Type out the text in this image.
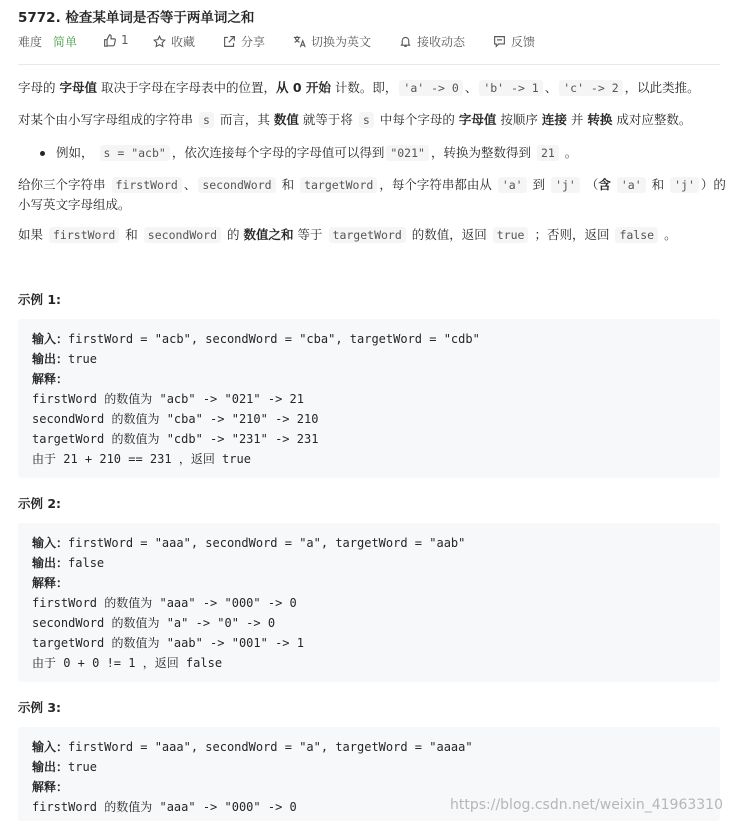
5772. 检查某单词是否等于两单词之和
难度 简单	1	收藏	分享	切换为英文	接收动态	反馈
字母的 字母值 取决于字母在字母表中的位置，从 0 开始 计数。即， 'a' -> 0 、 'b' -> 1 、 'c' -> 2 ，以此类推。
对某个由小写字母组成的字符串 s 而言，其 数值 就等于将 s 中每个字母的 字母值 按顺序 连接 并 转换 成对应整数。
例如， s = "acb" ，依次连接每个字母的字母值可以得到 "021" ，转换为整数得到 21 。
给你三个字符串 firstWord 、 secondWord 和 targetWord ，每个字符串都由从 'a' 到 'j' （含 'a' 和 'j' ）的
小写英文字母组成。
如果 firstWord 和 secondWord 的 数值之和 等于 targetWord 的数值，返回 true ；否则，返回 false 。
示例 1:
输入：firstWord = "acb", secondWord = "cba", targetWord = "cdb"
输出：true
解释：
firstWord 的数值为 "acb" -> "021" -> 21
secondWord 的数值为 "cba" -> "210" -> 210
targetWord 的数值为 "cdb" -> "231" -> 231
由于 21 + 210 == 231 ，返回 true
示例 2:
输入：firstWord = "aaa", secondWord = "a", targetWord = "aab"
输出：false
解释：
firstWord 的数值为 "aaa" -> "000" -> 0
secondWord 的数值为 "a" -> "0" -> 0
targetWord 的数值为 "aab" -> "001" -> 1
由于 0 + 0 != 1 ，返回 false
示例 3:
输入：firstWord = "aaa", secondWord = "a", targetWord = "aaaa"
输出：true
解释：
firstWord 的数值为 "aaa" -> "000" -> 0	https://blog.csdn.net/weixin_41963310
